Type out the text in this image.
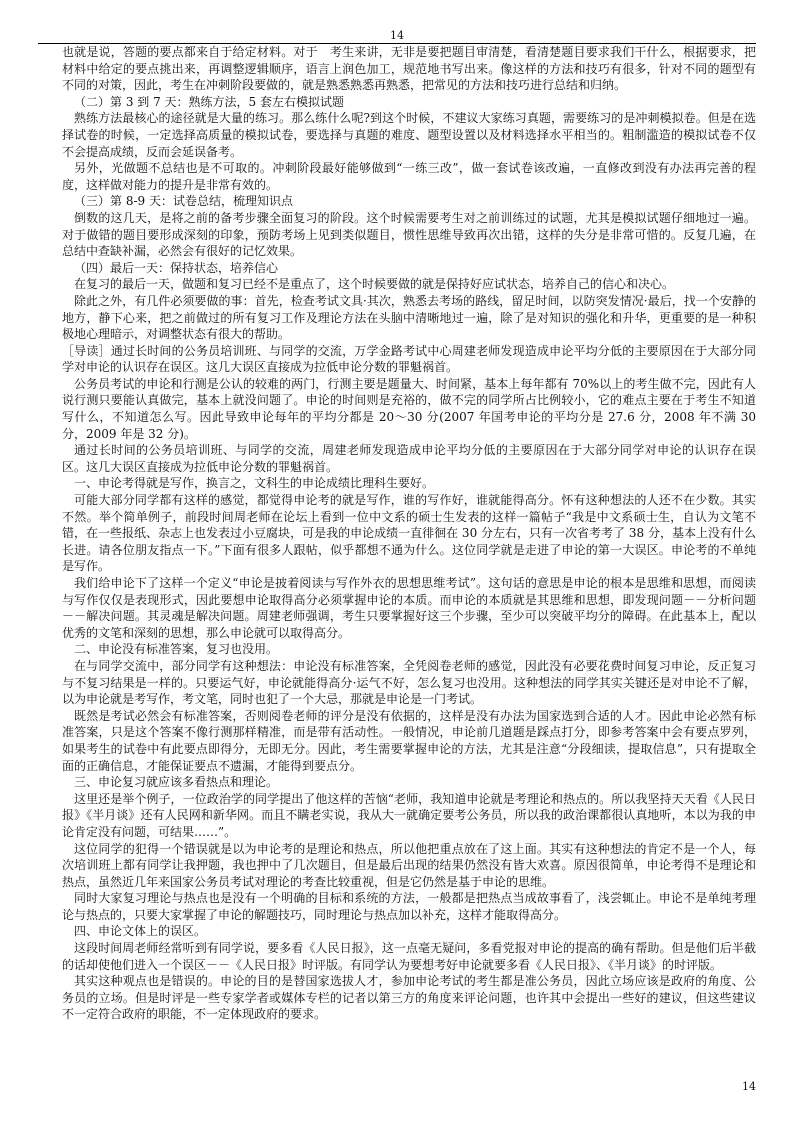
14

也就是说，答题的要点都来自于给定材料。对于　考生来讲，无非是要把题目审清楚，看清楚题目要求我们干什么，根据要求，把材料中给定的要点挑出来，再调整逻辑顺序，语言上润色加工，规范地书写出来。像这样的方法和技巧有很多，针对不同的题型有不同的对策，因此，考生在冲刺阶段要做的，就是熟悉熟悉再熟悉，把常见的方法和技巧进行总结和归纳。

（二）第 3 到 7 天：熟练方法，5 套左右模拟试题

熟练方法最核心的途径就是大量的练习。那么练什么呢?到这个时候，不建议大家练习真题，需要练习的是冲刺模拟卷。但是在选择试卷的时候，一定选择高质量的模拟试卷，要选择与真题的难度、题型设置以及材料选择水平相当的。粗制滥造的模拟试卷不仅不会提高成绩，反而会延误备考。

另外，光做题不总结也是不可取的。冲刺阶段最好能够做到“一练三改”，做一套试卷该改遍，一直修改到没有办法再完善的程度，这样做对能力的提升是非常有效的。

（三）第 8-9 天：试卷总结，梳理知识点

倒数的这几天，是将之前的备考步骤全面复习的阶段。这个时候需要考生对之前训练过的试题，尤其是模拟试题仔细地过一遍。对于做错的题目要形成深刻的印象，预防考场上见到类似题目，惯性思维导致再次出错，这样的失分是非常可惜的。反复几遍，在总结中查缺补漏，必然会有很好的记忆效果。

（四）最后一天：保持状态，培养信心

在复习的最后一天，做题和复习已经不是重点了，这个时候要做的就是保持好应试状态，培养自己的信心和决心。

除此之外，有几件必须要做的事：首先，检查考试文具·其次，熟悉去考场的路线，留足时间，以防突发情况·最后，找一个安静的地方，静下心来，把之前做过的所有复习工作及理论方法在头脑中清晰地过一遍，除了是对知识的强化和升华，更重要的是一种积极地心理暗示，对调整状态有很大的帮助。

［导读］通过长时间的公务员培训班、与同学的交流，万学金路考试中心周建老师发现造成申论平均分低的主要原因在于大部分同学对申论的认识存在误区。这几大误区直接成为拉低申论分数的罪魁祸首。

公务员考试的申论和行测是公认的较难的两门，行测主要是题量大、时间紧，基本上每年都有 70%以上的考生做不完，因此有人说行测只要能认真做完，基本上就没问题了。申论的时间则是充裕的，做不完的同学所占比例较小，它的难点主要在于考生不知道写什么，不知道怎么写。因此导致申论每年的平均分都是 20～30 分(2007 年国考申论的平均分是 27.6 分，2008 年不满 30 分，2009 年是 32 分)。

通过长时间的公务员培训班、与同学的交流，周建老师发现造成申论平均分低的主要原因在于大部分同学对申论的认识存在误区。这几大误区直接成为拉低申论分数的罪魁祸首。

一、申论考得就是写作，换言之，文科生的申论成绩比理科生要好。

可能大部分同学都有这样的感觉，都觉得申论考的就是写作，谁的写作好，谁就能得高分。怀有这种想法的人还不在少数。其实不然。举个简单例子，前段时间周老师在论坛上看到一位中文系的硕士生发表的这样一篇帖子“我是中文系硕士生，自认为文笔不错，在一些报纸、杂志上也发表过小豆腐块，可是我的申论成绩一直徘徊在 30 分左右，只有一次省考考了 38 分，基本上没有什么长进。请各位朋友指点一下。”下面有很多人跟帖，似乎都想不通为什么。这位同学就是走进了申论的第一大误区。申论考的不单纯是写作。

我们给申论下了这样一个定义“申论是披着阅读与写作外衣的思想思维考试”。这句话的意思是申论的根本是思维和思想，而阅读与写作仅仅是表现形式，因此要想申论取得高分必须掌握申论的本质。而申论的本质就是其思维和思想，即发现问题－－分析问题－－解决问题。其灵魂是解决问题。周建老师强调，考生只要掌握好这三个步骤，至少可以突破平均分的障碍。在此基本上，配以优秀的文笔和深刻的思想，那么申论就可以取得高分。

二、申论没有标准答案，复习也没用。

在与同学交流中，部分同学有这种想法：申论没有标准答案，全凭阅卷老师的感觉，因此没有必要花费时间复习申论，反正复习与不复习结果是一样的。只要运气好，申论就能得高分·运气不好，怎么复习也没用。这种想法的同学其实关键还是对申论不了解，以为申论就是考写作，考文笔，同时也犯了一个大忌，那就是申论是一门考试。

既然是考试必然会有标准答案，否则阅卷老师的评分是没有依据的，这样是没有办法为国家选到合适的人才。因此申论必然有标准答案，只是这个答案不像行测那样精准，而是带有活动性。一般情况，申论前几道题是踩点打分，即参考答案中会有要点罗列，如果考生的试卷中有此要点即得分，无即无分。因此，考生需要掌握申论的方法，尤其是注意“分段细读，提取信息”，只有提取全面的正确信息，才能保证要点不遗漏，才能得到要点分。

三、申论复习就应该多看热点和理论。

这里还是举个例子，一位政治学的同学提出了他这样的苦恼“老师，我知道申论就是考理论和热点的。所以我坚持天天看《人民日报》《半月谈》还有人民网和新华网。而且不瞒老实说，我从大一就确定要考公务员，所以我的政治课都很认真地听，本以为我的申论肯定没有问题，可结果……”。

这位同学的犯得一个错误就是以为申论考的是理论和热点，所以他把重点放在了这上面。其实有这种想法的肯定不是一个人，每次培训班上都有同学让我押题，我也押中了几次题目，但是最后出现的结果仍然没有皆大欢喜。原因很简单，申论考得不是理论和热点，虽然近几年来国家公务员考试对理论的考查比较重视，但是它仍然是基于申论的思维。

同时大家复习理论与热点也是没有一个明确的目标和系统的方法，一般都是把热点当成故事看了，浅尝辄止。申论不是单纯考理论与热点的，只要大家掌握了申论的解题技巧，同时理论与热点加以补充，这样才能取得高分。

四、申论文体上的误区。

这段时间周老师经常听到有同学说，要多看《人民日报》，这一点毫无疑问，多看党报对申论的提高的确有帮助。但是他们后半截的话却使他们进入一个误区－－《人民日报》时评版。有同学认为要想考好申论就要多看《人民日报》、《半月谈》的时评版。

其实这种观点也是错误的。申论的目的是替国家选拔人才，参加申论考试的考生都是准公务员，因此立场应该是政府的角度、公务员的立场。但是时评是一些专家学者或媒体专栏的记者以第三方的角度来评论问题，也许其中会提出一些好的建议，但这些建议不一定符合政府的职能，不一定体现政府的要求。

14
